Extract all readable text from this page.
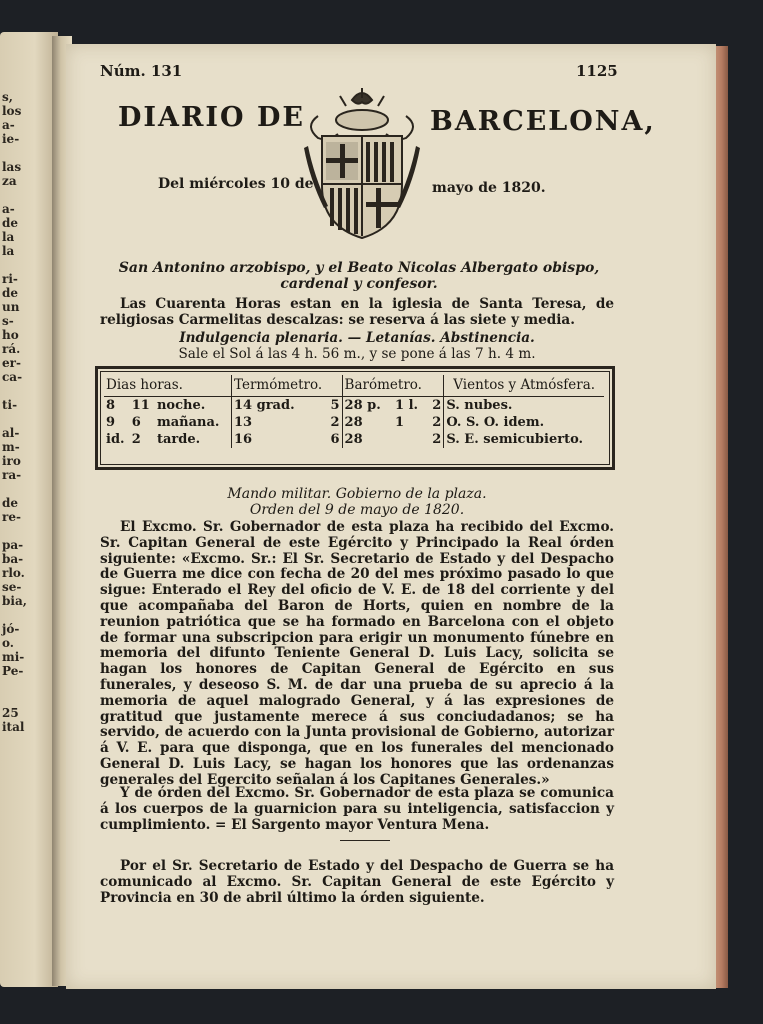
s,
los
a-
ie-

las
za

a-
de
la
la

ri-
de
un
s-
ho
rá.
er-
ca-

ti-

al-
m-
iro
ra-

de
re-

pa-
ba-
rlo.
se-
bia,

jó-
o.
mi-
Pe-

25
ital
Núm. 131	1125
DIARIO DE	BARCELONA,
Del miércoles 10 de	mayo de 1820.
San Antonino arzobispo, y el Beato Nicolas Albergato obispo, cardenal y confesor.
Las Cuarenta Horas estan en la iglesia de Santa Teresa, de religiosas Carmelitas descalzas: se reserva á las siete y media.
Indulgencia plenaria. — Letanías. Abstinencia.
Sale el Sol á las 4 h. 56 m., y se pone á las 7 h. 4 m.
Dias horas.			Termómetro.		Barómetro.			Vientos y Atmósfera.
8	11	noche.	14 grad.	5	28 p.	1 l.	2	S. nubes.
9	6	mañana.	13	2	28	1	2	O. S. O. idem.
id.	2	tarde.	16	6	28		2	S. E. semicubierto.
Mando militar. Gobierno de la plaza.
Orden del 9 de mayo de 1820.
El Excmo. Sr. Gobernador de esta plaza ha recibido del Excmo. Sr. Capitan General de este Egército y Principado la Real órden siguiente: «Excmo. Sr.: El Sr. Secretario de Estado y del Despacho de Guerra me dice con fecha de 20 del mes próximo pasado lo que sigue: Enterado el Rey del oficio de V. E. de 18 del corriente y del que acompañaba del Baron de Horts, quien en nombre de la reunion patriótica que se ha formado en Barcelona con el objeto de formar una subscripcion para erigir un monumento fúnebre en memoria del difunto Teniente General D. Luis Lacy, solicita se hagan los honores de Capitan General de Egército en sus funerales, y deseoso S. M. de dar una prueba de su aprecio á la memoria de aquel malogrado General, y á las expresiones de gratitud que justamente merece á sus conciudadanos; se ha servido, de acuerdo con la Junta provisional de Gobierno, autorizar á V. E. para que disponga, que en los funerales del mencionado General D. Luis Lacy, se hagan los honores que las ordenanzas generales del Egercito señalan á los Capitanes Generales.»
Y de órden del Excmo. Sr. Gobernador de esta plaza se comunica á los cuerpos de la guarnicion para su inteligencia, satisfaccion y cumplimiento. = El Sargento mayor Ventura Mena.
Por el Sr. Secretario de Estado y del Despacho de Guerra se ha comunicado al Excmo. Sr. Capitan General de este Egército y Provincia en 30 de abril último la órden siguiente.
